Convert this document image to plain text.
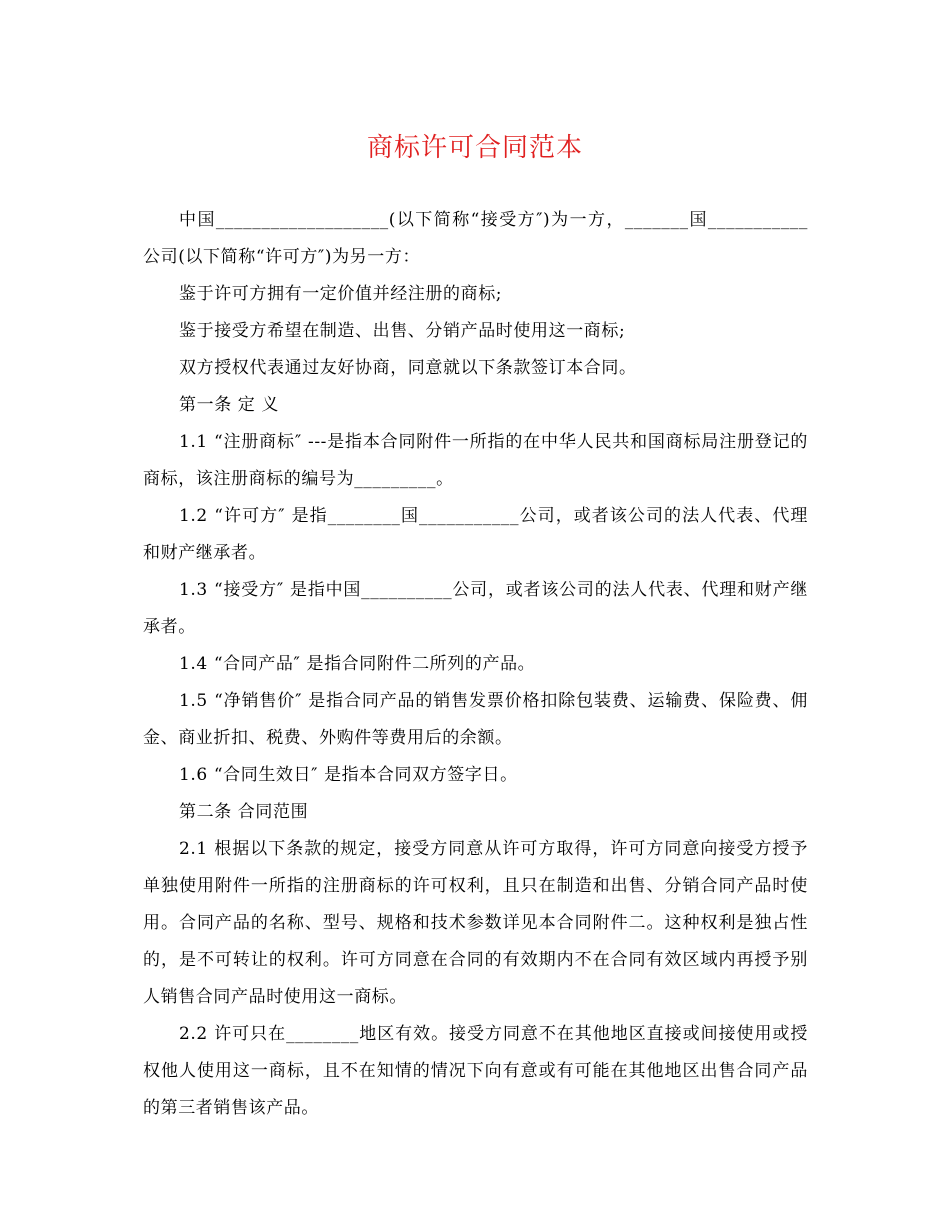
商标许可合同范本

中国___________________(以下简称“接受方″)为一方，_______国___________公司(以下简称“许可方″)为另一方：

鉴于许可方拥有一定价值并经注册的商标;

鉴于接受方希望在制造、出售、分销产品时使用这一商标;

双方授权代表通过友好协商，同意就以下条款签订本合同。

第一条 定 义

1.1 “注册商标″ ---是指本合同附件一所指的在中华人民共和国商标局注册登记的商标，该注册商标的编号为_________。

1.2 “许可方″ 是指________国___________公司，或者该公司的法人代表、代理和财产继承者。

1.3 “接受方″ 是指中国__________公司，或者该公司的法人代表、代理和财产继承者。

1.4 “合同产品″ 是指合同附件二所列的产品。

1.5 “净销售价″ 是指合同产品的销售发票价格扣除包装费、运输费、保险费、佣金、商业折扣、税费、外购件等费用后的余额。

1.6 “合同生效日″ 是指本合同双方签字日。

第二条 合同范围

2.1 根据以下条款的规定，接受方同意从许可方取得，许可方同意向接受方授予单独使用附件一所指的注册商标的许可权利，且只在制造和出售、分销合同产品时使用。合同产品的名称、型号、规格和技术参数详见本合同附件二。这种权利是独占性的，是不可转让的权利。许可方同意在合同的有效期内不在合同有效区域内再授予别人销售合同产品时使用这一商标。

2.2 许可只在________地区有效。接受方同意不在其他地区直接或间接使用或授权他人使用这一商标，且不在知情的情况下向有意或有可能在其他地区出售合同产品的第三者销售该产品。
